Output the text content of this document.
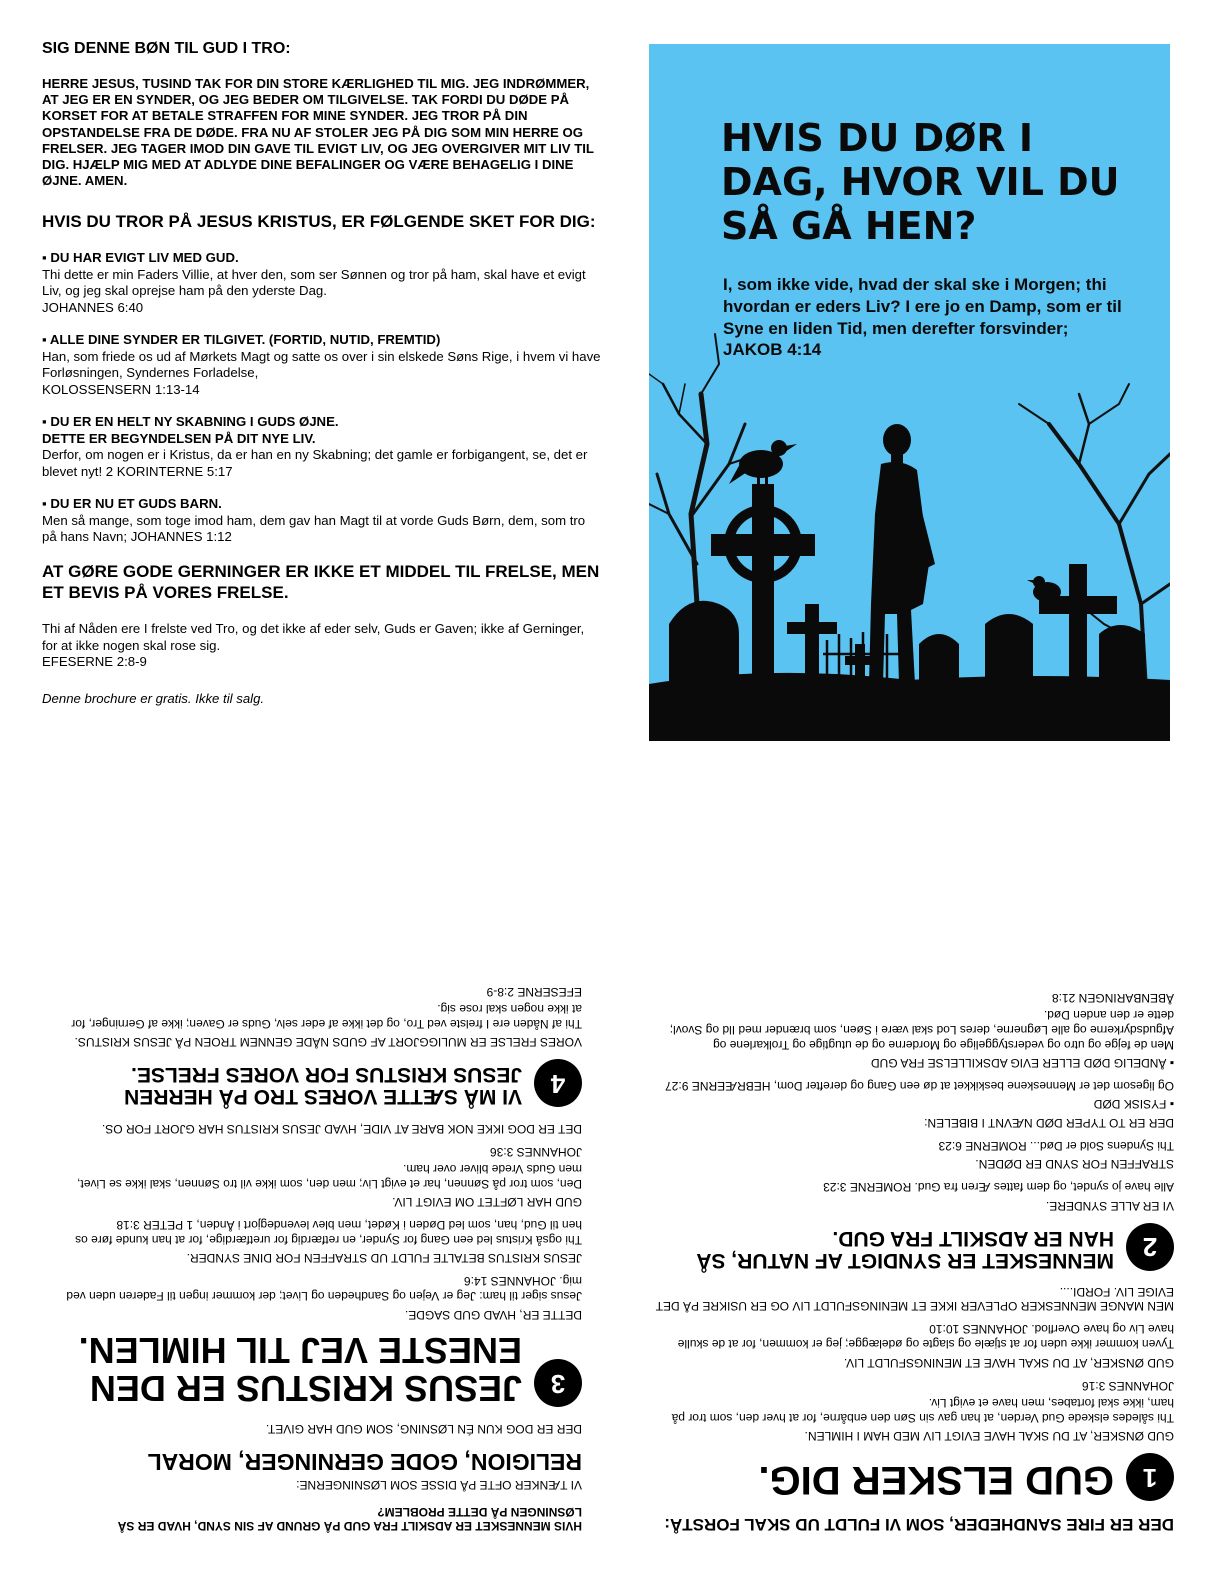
SIG DENNE BØN TIL GUD I TRO:
HERRE JESUS, TUSIND TAK FOR DIN STORE KÆRLIGHED TIL MIG. JEG INDRØMMER, AT JEG ER EN SYNDER, OG JEG BEDER OM TILGIVELSE. TAK FORDI DU DØDE PÅ KORSET FOR AT BETALE STRAFFEN FOR MINE SYNDER. JEG TROR PÅ DIN OPSTANDELSE FRA DE DØDE. FRA NU AF STOLER JEG PÅ DIG SOM MIN HERRE OG FRELSER. JEG TAGER IMOD DIN GAVE TIL EVIGT LIV, OG JEG OVERGIVER MIT LIV TIL DIG. HJÆLP MIG MED AT ADLYDE DINE BEFALINGER OG VÆRE BEHAGELIG I DINE ØJNE. AMEN.
HVIS DU TROR PÅ JESUS KRISTUS, ER FØLGENDE SKET FOR DIG:
▪ DU HAR EVIGT LIV MED GUD.
Thi dette er min Faders Villie, at hver den, som ser Sønnen og tror på ham, skal have et evigt Liv, og jeg skal oprejse ham på den yderste Dag.
JOHANNES 6:40
▪ ALLE DINE SYNDER ER TILGIVET. (FORTID, NUTID, FREMTID)
Han, som friede os ud af Mørkets Magt og satte os over i sin elskede Søns Rige, i hvem vi have Forløsningen, Syndernes Forladelse,
KOLOSSENSERN 1:13-14
▪ DU ER EN HELT NY SKABNING I GUDS ØJNE.
DETTE ER BEGYNDELSEN PÅ DIT NYE LIV.
Derfor, om nogen er i Kristus, da er han en ny Skabning; det gamle er forbigangent, se, det er blevet nyt! 2 KORINTERNE 5:17
▪ DU ER NU ET GUDS BARN.
Men så mange, som toge imod ham, dem gav han Magt til at vorde Guds Børn, dem, som tro på hans Navn; JOHANNES 1:12
AT GØRE GODE GERNINGER ER IKKE ET MIDDEL TIL FRELSE, MEN ET BEVIS PÅ VORES FRELSE.
Thi af Nåden ere I frelste ved Tro, og det ikke af eder selv, Guds er Gaven; ikke af Gerninger, for at ikke nogen skal rose sig.
EFESERNE 2:8-9
Denne brochure er gratis. Ikke til salg.
HVIS DU DØR I DAG, HVOR VIL DU SÅ GÅ HEN?
I, som ikke vide, hvad der skal ske i Morgen; thi hvordan er eders Liv? I ere jo en Damp, som er til Syne en liden Tid, men derefter forsvinder;
JAKOB 4:14
HVIS MENNESKET ER ADSKILT FRA GUD PÅ GRUND AF SIN SYND, HVAD ER SÅ LØSNINGEN PÅ DETTE PROBLEM?
VI TÆNKER OFTE PÅ DISSE SOM LØSNINGERNE:
RELIGION, GODE GERNINGER, MORAL
DER ER DOG KUN ÉN LØSNING, SOM GUD HAR GIVET.
3
JESUS KRISTUS ER DEN ENESTE VEJ TIL HIMLEN.
DETTE ER, HVAD GUD SAGDE.
Jesus siger til ham: Jeg er Vejen og Sandheden og Livet; der kommer ingen til Faderen uden ved mig. JOHANNES 14:6
JESUS KRISTUS BETALTE FULDT UD STRAFFEN FOR DINE SYNDER.
Thi også Kristus led een Gang for Synder, en retfærdig for uretfærdige, for at han kunde føre os hen til Gud, han, som led Døden i Kødet, men blev levendegjort i Ånden, 1 PETER 3:18
GUD HAR LØFTET OM EVIGT LIV.
Den, som tror på Sønnen, har et evigt Liv; men den, som ikke vil tro Sønnen, skal ikke se Livet, men Guds Vrede bliver over ham.
JOHANNES 3:36
DET ER DOG IKKE NOK BARE AT VIDE, HVAD JESUS KRISTUS HAR GJORT FOR OS.
4
VI MÅ SÆTTE VORES TRO PÅ HERREN JESUS KRISTUS FOR VORES FRELSE.
VORES FRELSE ER MULIGGJORT AF GUDS NÅDE GENNEM TROEN PÅ JESUS KRISTUS.
Thi af Nåden ere I frelste ved Tro, og det ikke af eder selv, Guds er Gaven; ikke af Gerninger, for at ikke nogen skal rose sig.
EFESERNE 2:8-9
DER ER FIRE SANDHEDER, SOM VI FULDT UD SKAL FORSTÅ:
1
GUD ELSKER DIG.
GUD ØNSKER, AT DU SKAL HAVE EVIGT LIV MED HAM I HIMLEN.
Thi således elskede Gud Verden, at han gav sin Søn den enbårne, for at hver den, som tror på ham, ikke skal fortabes, men have et evigt Liv.
JOHANNES 3:16
GUD ØNSKER, AT DU SKAL HAVE ET MENINGSFULDT LIV.
Tyven kommer ikke uden for at stjæle og slagte og ødelægge; jeg er kommen, for at de skulle have Liv og have Overflod. JOHANNES 10:10
MEN MANGE MENNESKER OPLEVER IKKE ET MENINGSFULDT LIV OG ER USIKRE PÅ DET EVIGE LIV. FORDI....
2
MENNESKET ER SYNDIGT AF NATUR, SÅ HAN ER ADSKILT FRA GUD.
VI ER ALLE SYNDERE.
Alle have jo syndet, og dem fattes Æren fra Gud. ROMERNE 3:23
STRAFFEN FOR SYND ER DØDEN.
Thi Syndens Sold er Død... ROMERNE 6:23
DER ER TO TYPER DØD NÆVNT I BIBELEN:
▪ FYSISK DØD
Og ligesom det er Menneskene beskikket at dø een Gang og derefter Dom, HEBRÆERNE 9:27
▪ ÅNDELIG DØD ELLER EVIG ADSKILLELSE FRA GUD
Men de fejge og utro og vederstyggelige og Morderne og de utugtige og Trolkarlene og Afgudsdyrkerne og alle Løgnerne, deres Lod skal være i Søen, som brænder med Ild og Svovl; dette er den anden Død.
ÅBENBARINGEN 21:8
